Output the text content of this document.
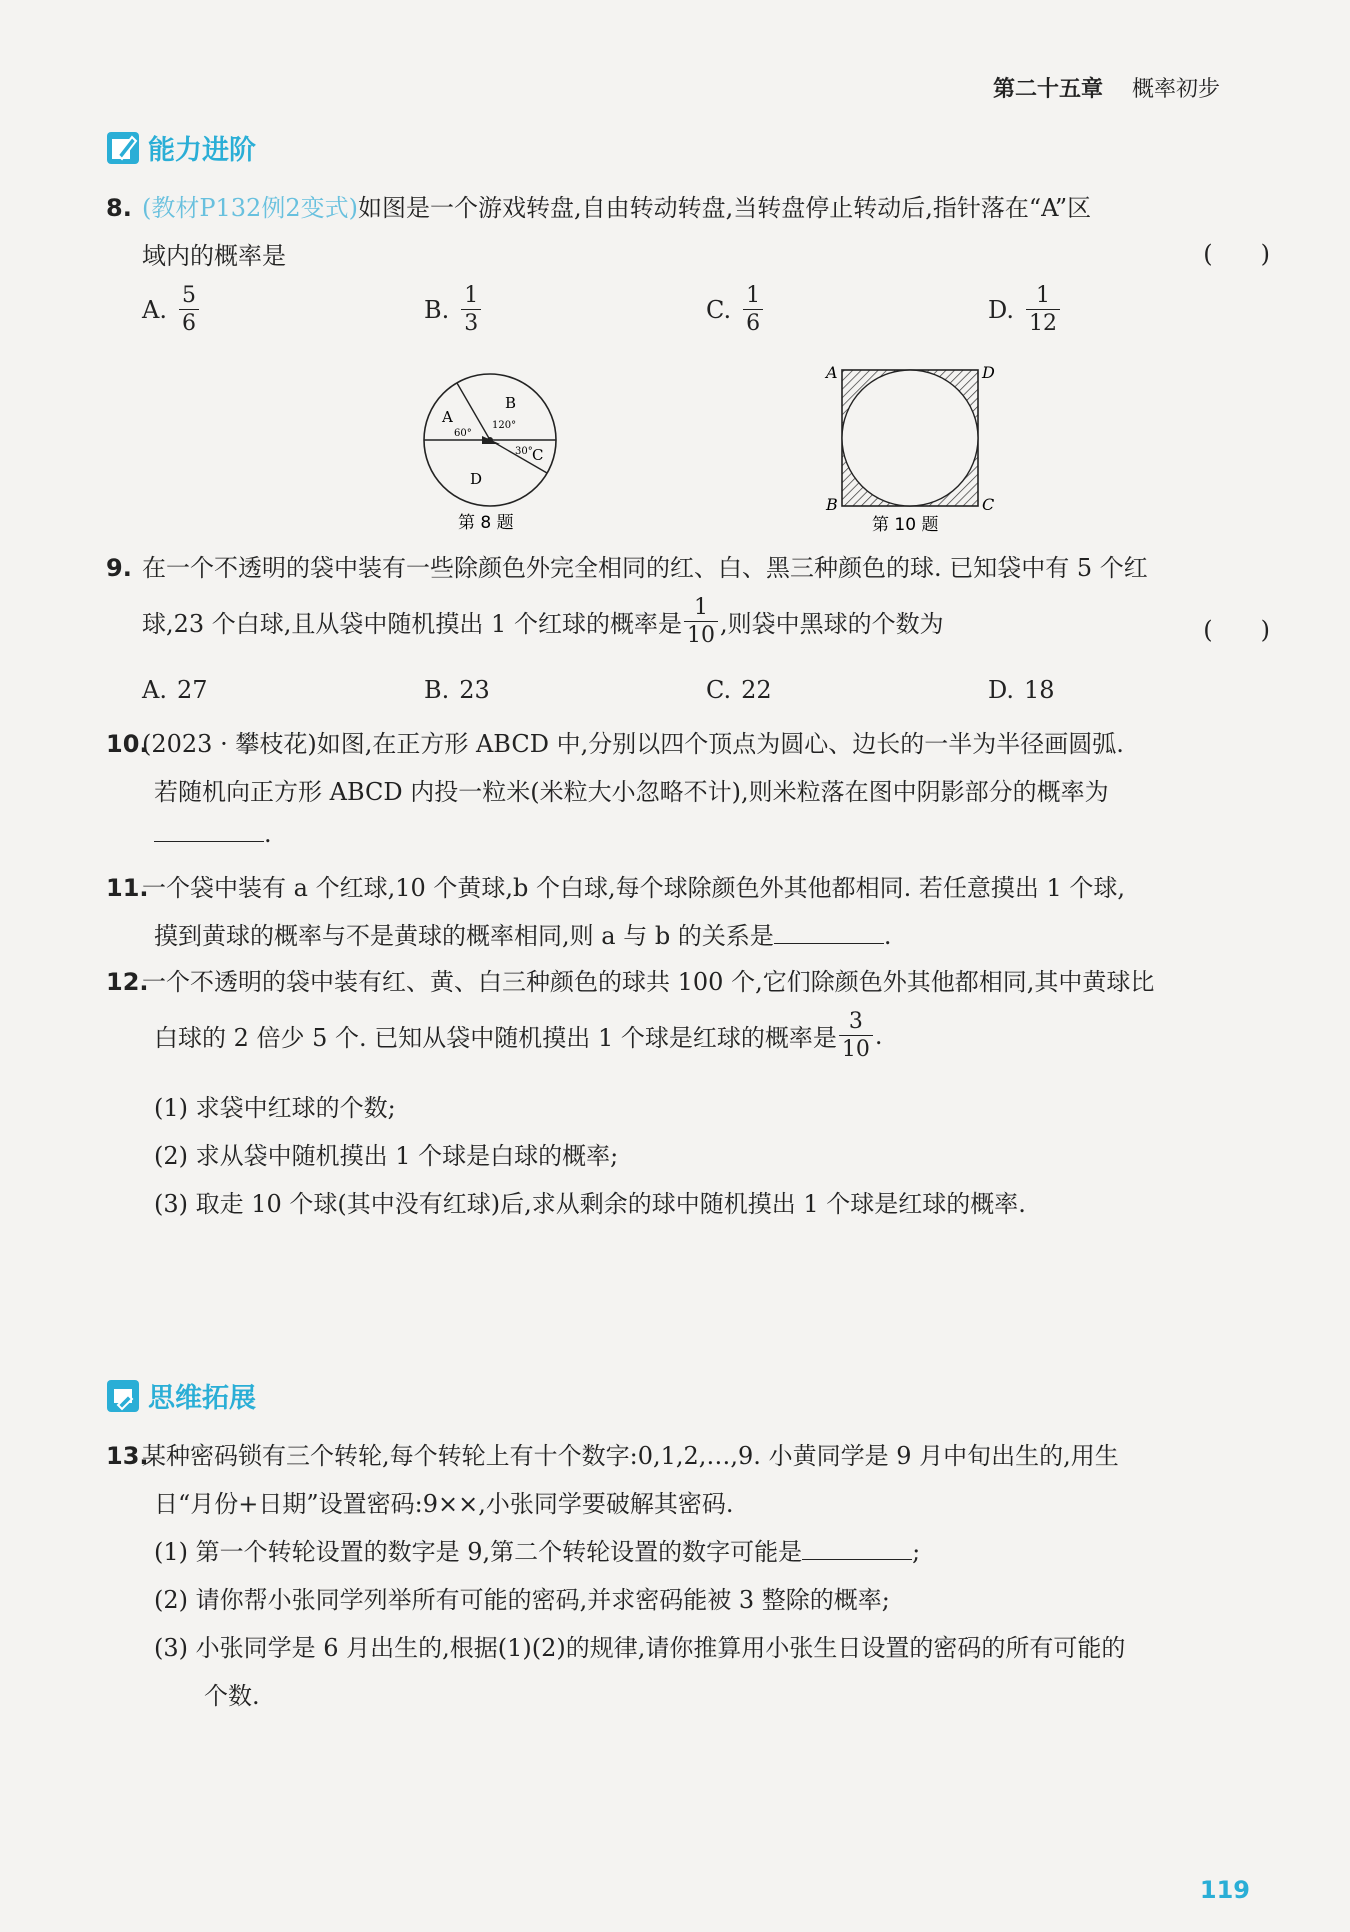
第二十五章 概率初步
能力进阶
8. (教材P132例2变式)如图是一个游戏转盘,自由转动转盘,当转盘停止转动后,指针落在“A”区
域内的概率是	(　　)
A. $\frac{5}{6}$	B. $\frac{1}{3}$	C. $\frac{1}{6}$	D. $\frac{1}{12}$
A
B
C
D
60°
120°
30°
第 8 题
A	D
B	C
第 10 题
9. 在一个不透明的袋中装有一些除颜色外完全相同的红、白、黑三种颜色的球. 已知袋中有 5 个红
球,23 个白球,且从袋中随机摸出 1 个红球的概率是 $\frac{1}{10}$ ,则袋中黑球的个数为	(　　)
A. 27	B. 23	C. 22	D. 18
10.(2023 · 攀枝花)如图,在正方形 ABCD 中,分别以四个顶点为圆心、边长的一半为半径画圆弧.
若随机向正方形 ABCD 内投一粒米(米粒大小忽略不计),则米粒落在图中阴影部分的概率为
.
11.一个袋中装有 a 个红球,10 个黄球,b 个白球,每个球除颜色外其他都相同. 若任意摸出 1 个球,
摸到黄球的概率与不是黄球的概率相同,则 a 与 b 的关系是	.
12.一个不透明的袋中装有红、黄、白三种颜色的球共 100 个,它们除颜色外其他都相同,其中黄球比
白球的 2 倍少 5 个. 已知从袋中随机摸出 1 个球是红球的概率是 $\frac{3}{10}$ .
(1) 求袋中红球的个数;
(2) 求从袋中随机摸出 1 个球是白球的概率;
(3) 取走 10 个球(其中没有红球)后,求从剩余的球中随机摸出 1 个球是红球的概率.
思维拓展
13.某种密码锁有三个转轮,每个转轮上有十个数字:0,1,2,…,9. 小黄同学是 9 月中旬出生的,用生
日“月份+日期”设置密码:9××,小张同学要破解其密码.
(1) 第一个转轮设置的数字是 9,第二个转轮设置的数字可能是	;
(2) 请你帮小张同学列举所有可能的密码,并求密码能被 3 整除的概率;
(3) 小张同学是 6 月出生的,根据(1)(2)的规律,请你推算用小张生日设置的密码的所有可能的
个数.
119
